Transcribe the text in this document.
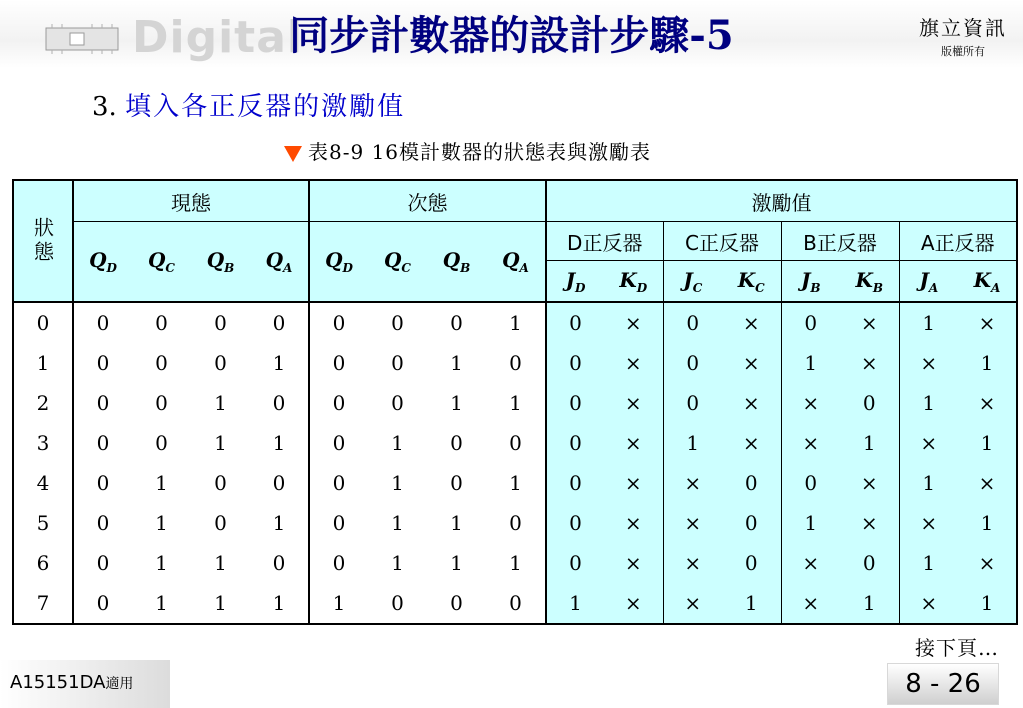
Digital
同步計數器的設計步驟-5	旗立資訊
版權所有
3. 填入各正反器的激勵值
表8-9 16模計數器的狀態表與激勵表
狀態	現態				次態				激勵值							
	$Q_D$	$Q_C$	$Q_B$	$Q_A$	$Q_D$	$Q_C$	$Q_B$	$Q_A$	D正反器		C正反器		B正反器		A正反器	
									$J_D$	$K_D$	$J_C$	$K_C$	$J_B$	$K_B$	$J_A$	$K_A$
0	0	0	0	0	0	0	0	1	0	×	0	×	0	×	1	×
1	0	0	0	1	0	0	1	0	0	×	0	×	1	×	×	1
2	0	0	1	0	0	0	1	1	0	×	0	×	×	0	1	×
3	0	0	1	1	0	1	0	0	0	×	1	×	×	1	×	1
4	0	1	0	0	0	1	0	1	0	×	×	0	0	×	1	×
5	0	1	0	1	0	1	1	0	0	×	×	0	1	×	×	1
6	0	1	1	0	0	1	1	1	0	×	×	0	×	0	1	×
7	0	1	1	1	1	0	0	0	1	×	×	1	×	1	×	1
接下頁…
A15151DA適用	8 - 26
